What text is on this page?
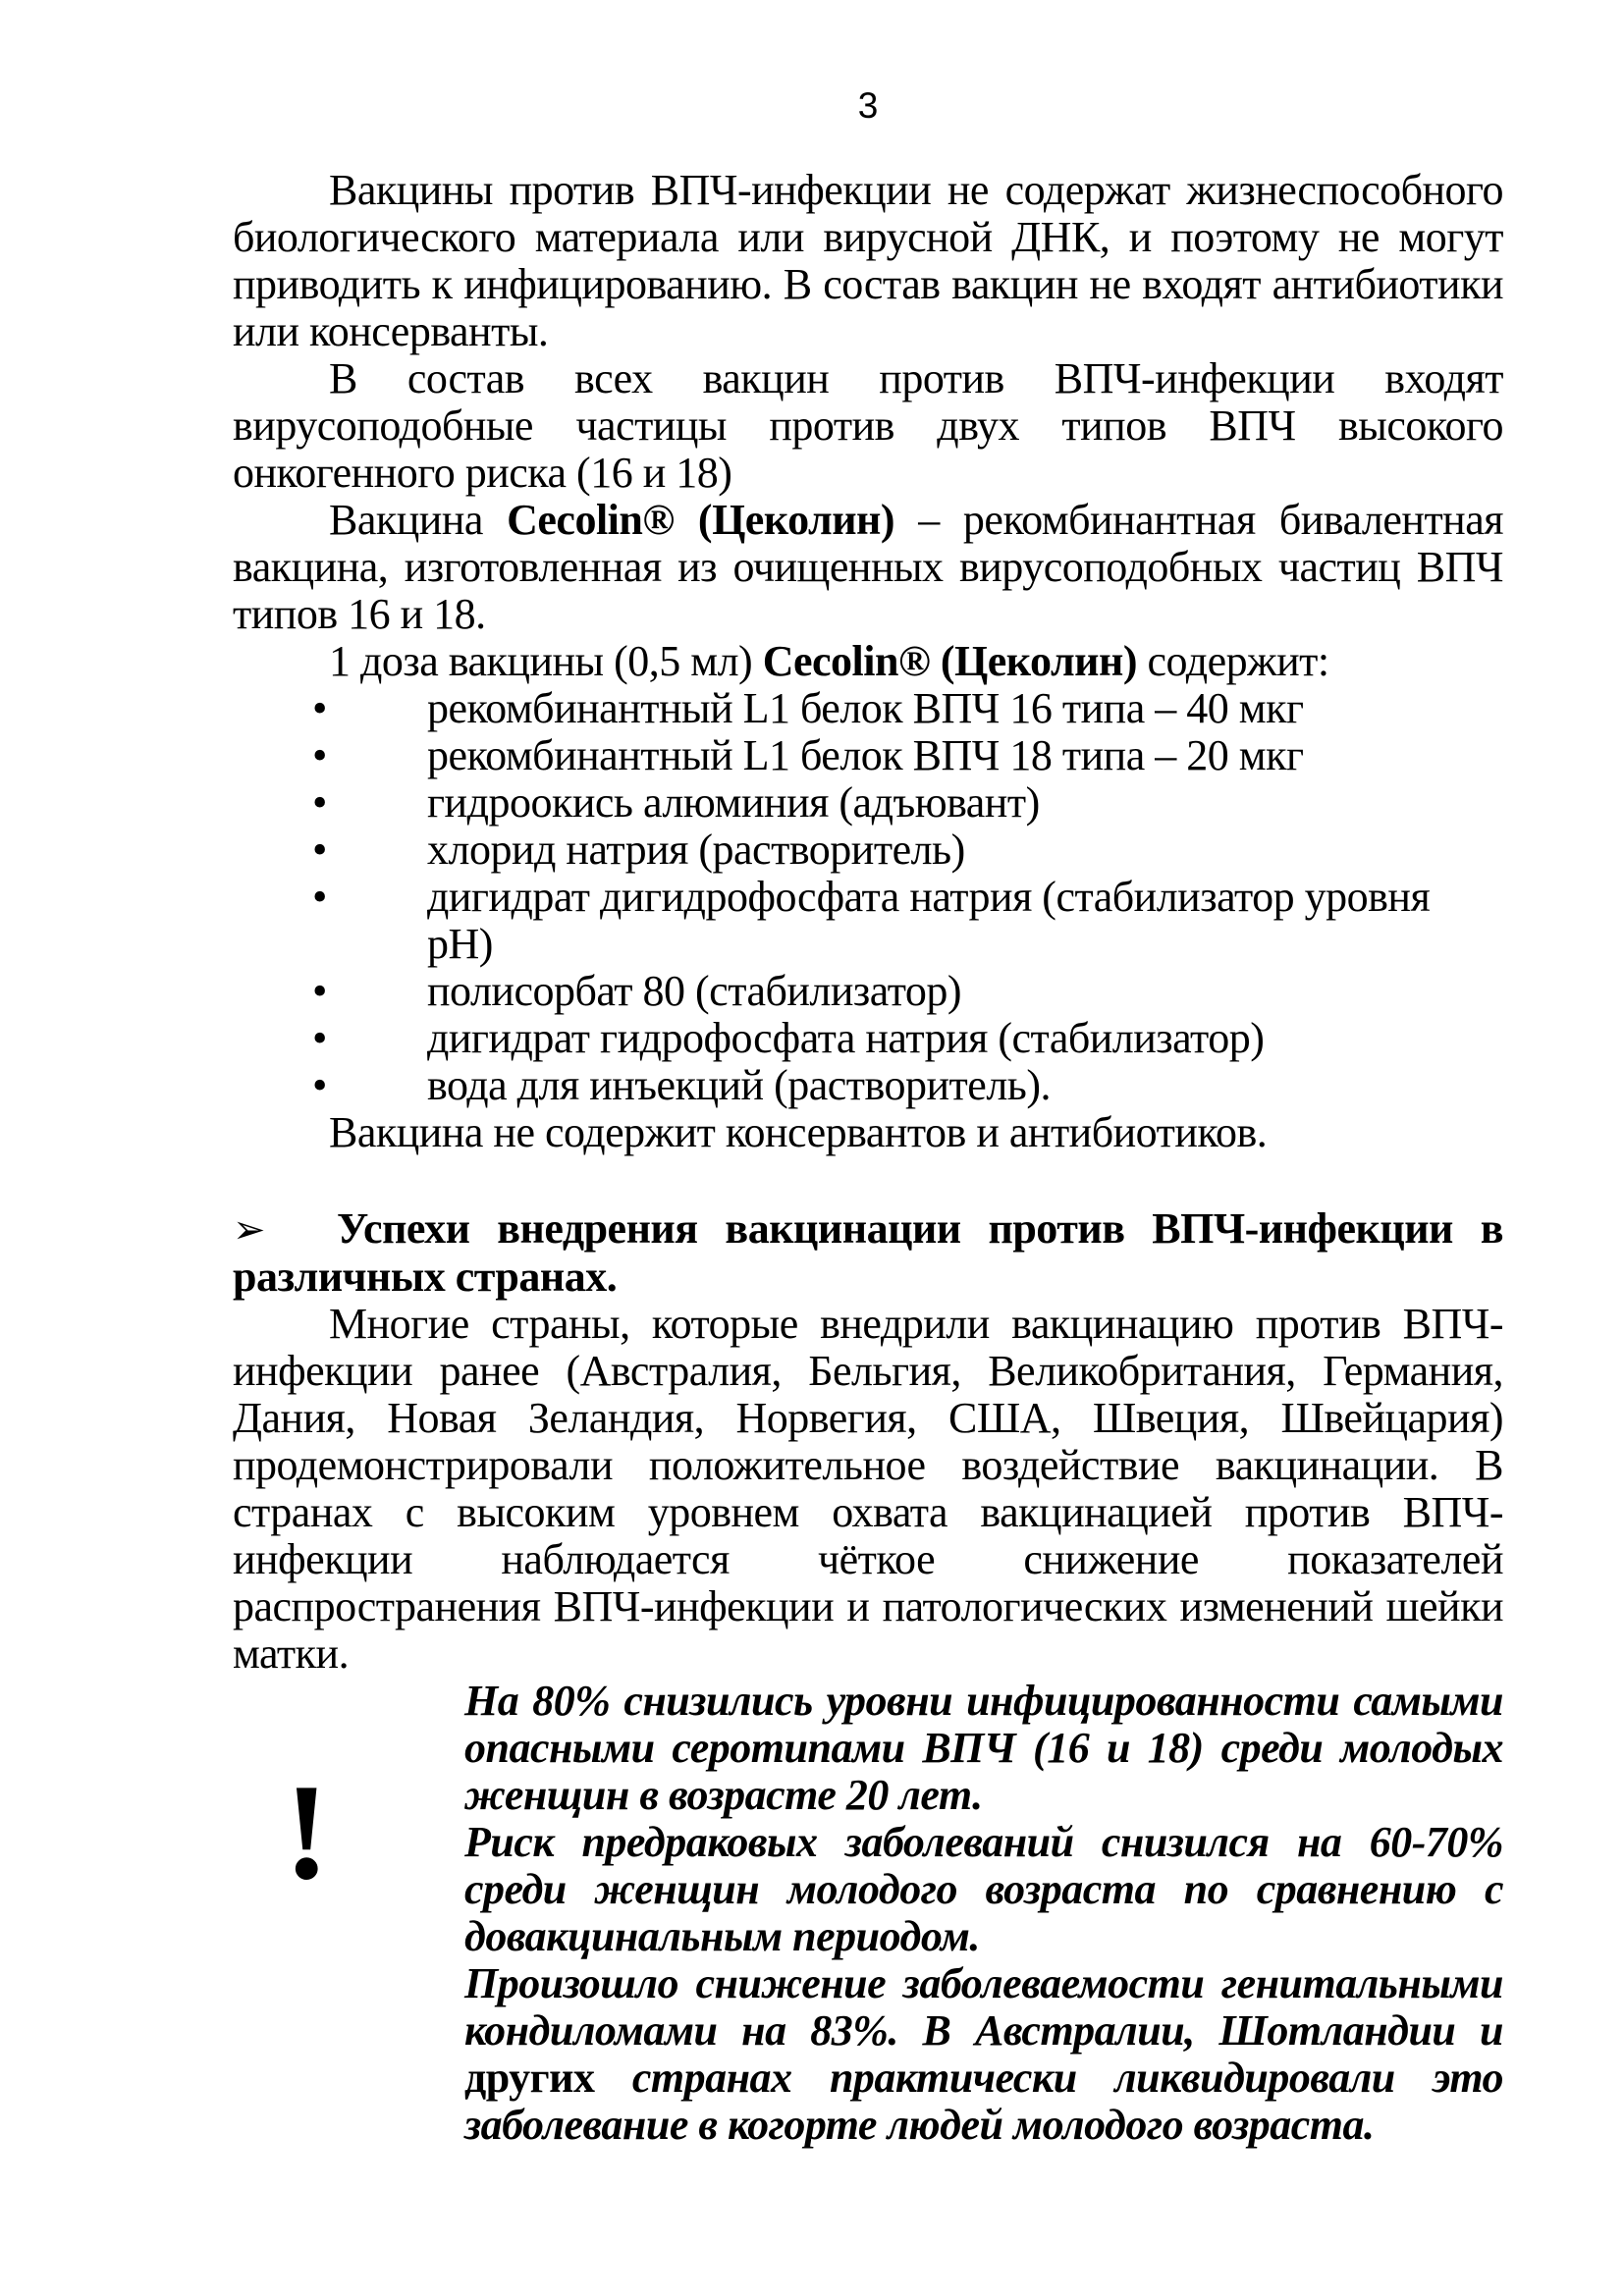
3

Вакцины против ВПЧ-инфекции не содержат жизнеспособного биологического материала или вирусной ДНК, и поэтому не могут приводить к инфицированию. В состав вакцин не входят антибиотики или консерванты.

В состав всех вакцин против ВПЧ-инфекции входят вирусоподобные частицы против двух типов ВПЧ высокого онкогенного риска (16 и 18)

Вакцина Cecolin® (Цеколин) – рекомбинантная бивалентная вакцина, изготовленная из очищенных вирусоподобных частиц ВПЧ типов 16 и 18.

1 доза вакцины (0,5 мл) Cecolin® (Цеколин) содержит:

• рекомбинантный L1 белок ВПЧ 16 типа – 40 мкг
• рекомбинантный L1 белок ВПЧ 18 типа – 20 мкг
• гидроокись алюминия (адъювант)
• хлорид натрия (растворитель)
• дигидрат дигидрофосфата натрия (стабилизатор уровня pH)
• полисорбат 80 (стабилизатор)
• дигидрат гидрофосфата натрия (стабилизатор)
• вода для инъекций (растворитель).

Вакцина не содержит консервантов и антибиотиков.

➢ Успехи внедрения вакцинации против ВПЧ-инфекции в различных странах.

Многие страны, которые внедрили вакцинацию против ВПЧ-инфекции ранее (Австралия, Бельгия, Великобритания, Германия, Дания, Новая Зеландия, Норвегия, США, Швеция, Швейцария) продемонстрировали положительное воздействие вакцинации. В странах с высоким уровнем охвата вакцинацией против ВПЧ-инфекции наблюдается чёткое снижение показателей распространения ВПЧ-инфекции и патологических изменений шейки матки.

!

На 80% снизились уровни инфицированности самыми опасными серотипами ВПЧ (16 и 18) среди молодых женщин в возрасте 20 лет.

Риск предраковых заболеваний снизился на 60-70% среди женщин молодого возраста по сравнению с довакцинальным периодом.

Произошло снижение заболеваемости генитальными кондиломами на 83%. В Австралии, Шотландии и других странах практически ликвидировали это заболевание в когорте людей молодого возраста.
